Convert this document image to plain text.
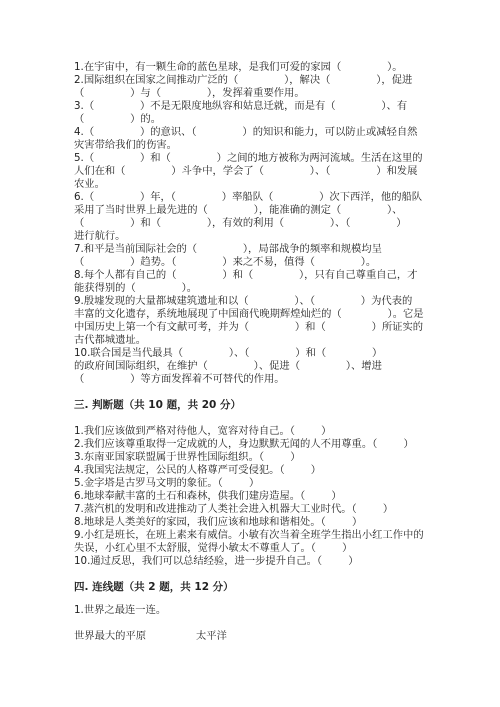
1.在宇宙中，有一颗生命的蓝色星球，是我们可爱的家园（              ）。
2.国际组织在国家之间推动广泛的（              ），解决（              ），促进
（              ）与（              ），发挥着重要作用。
3.（              ）不是无限度地纵容和姑息迁就，而是有（              ）、有
（              ）的。
4.（              ）的意识、（              ）的知识和能力，可以防止或减轻自然
灾害带给我们的伤害。
5.（              ）和（              ）之间的地方被称为两河流域。生活在这里的
人们在和（              ）斗争中，学会了（              ）、（              ）和发展
农业。
6.（              ）年，（              ）率船队（              ）次下西洋，他的船队
采用了当时世界上最先进的（              ），能准确的测定（              ）、
（              ）和（              ），有效的利用（              ）、（              ）
进行航行。
7.和平是当前国际社会的（              ），局部战争的频率和规模均呈
（              ）趋势。（              ）来之不易，值得（              ）。
8.每个人都有自己的（              ）和（              ），只有自己尊重自己，才
能获得别的（              ）。
9.殷墟发现的大量都城建筑遗址和以（              ）、（              ）为代表的
丰富的文化遗存，系统地展现了中国商代晚期辉煌灿烂的（              ）。它是
中国历史上第一个有文献可考，并为（              ）和（              ）所证实的
古代都城遗址。
10.联合国是当代最具（              ）、（              ）和（              ）
的政府间国际组织，在维护（              ）、促进（              ）、增进
（              ）等方面发挥着不可替代的作用。
三. 判断题（共 10 题，共 20 分）
1.我们应该做到严格对待他人，宽容对待自己。（        ）
2.我们应该尊重取得一定成就的人，身边默默无闻的人不用尊重。（        ）
3.东南亚国家联盟属于世界性国际组织。（        ）
4.我国宪法规定，公民的人格尊严可受侵犯。（        ）
5.金字塔是古罗马文明的象征。（        ）
6.地球奉献丰富的土石和森林，供我们建房造屋。（        ）
7.蒸汽机的发明和改进推动了人类社会进入机器大工业时代。（        ）
8.地球是人类美好的家园，我们应该和地球和谐相处。（        ）
9.小红是班长，在班上素来有威信。小敏有次当着全班学生指出小红工作中的
失误，小红心里不太舒服，觉得小敏太不尊重人了。（        ）
10.通过反思，我们可以总结经验，进一步提升自己。（        ）
四. 连线题（共 2 题，共 12 分）
1.世界之最连一连。
世界最大的平原	太平洋
